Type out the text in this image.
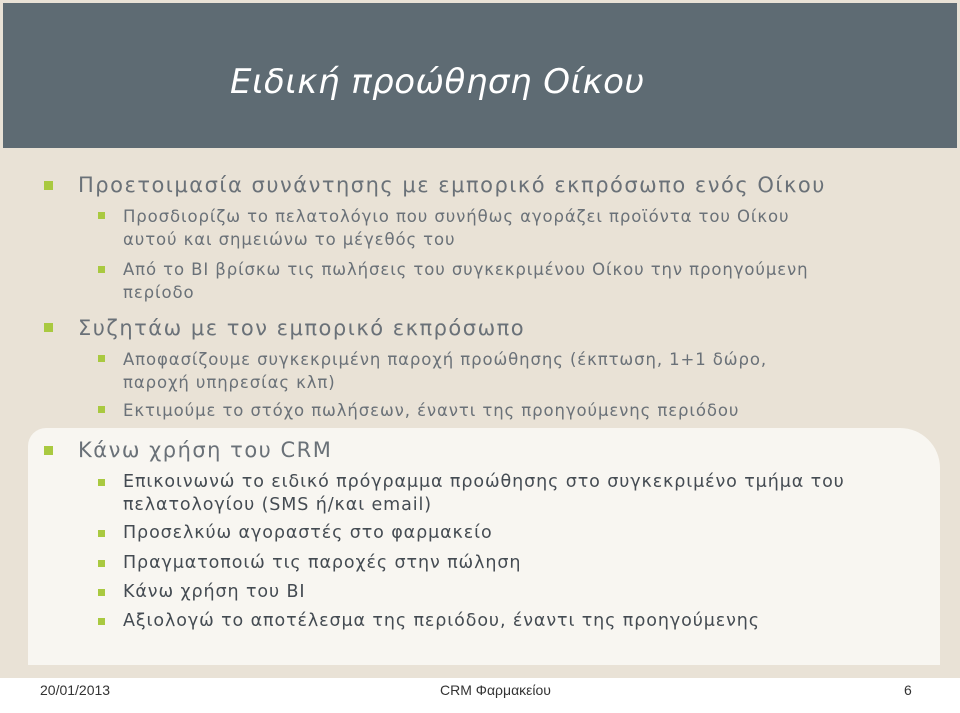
Ειδική προώθηση Οίκου
Προετοιμασία συνάντησης με εμπορικό εκπρόσωπο ενός Οίκου
Προσδιορίζω το πελατολόγιο που συνήθως αγοράζει προϊόντα του Οίκου
αυτού και σημειώνω το μέγεθός του
Από το BI βρίσκω τις πωλήσεις του συγκεκριμένου Οίκου την προηγούμενη
περίοδο
Συζητάω με τον εμπορικό εκπρόσωπο
Αποφασίζουμε συγκεκριμένη παροχή προώθησης (έκπτωση, 1+1 δώρο,
παροχή υπηρεσίας κλπ)
Εκτιμούμε το στόχο πωλήσεων, έναντι της προηγούμενης περιόδου
Κάνω χρήση του CRM
Επικοινωνώ το ειδικό πρόγραμμα προώθησης στο συγκεκριμένο τμήμα του
πελατολογίου (SMS ή/και email)
Προσελκύω αγοραστές στο φαρμακείο
Πραγματοποιώ τις παροχές στην πώληση
Κάνω χρήση του BI
Αξιολογώ το αποτέλεσμα της περιόδου, έναντι της προηγούμενης
20/01/2013	CRM Φαρμακείου	6
